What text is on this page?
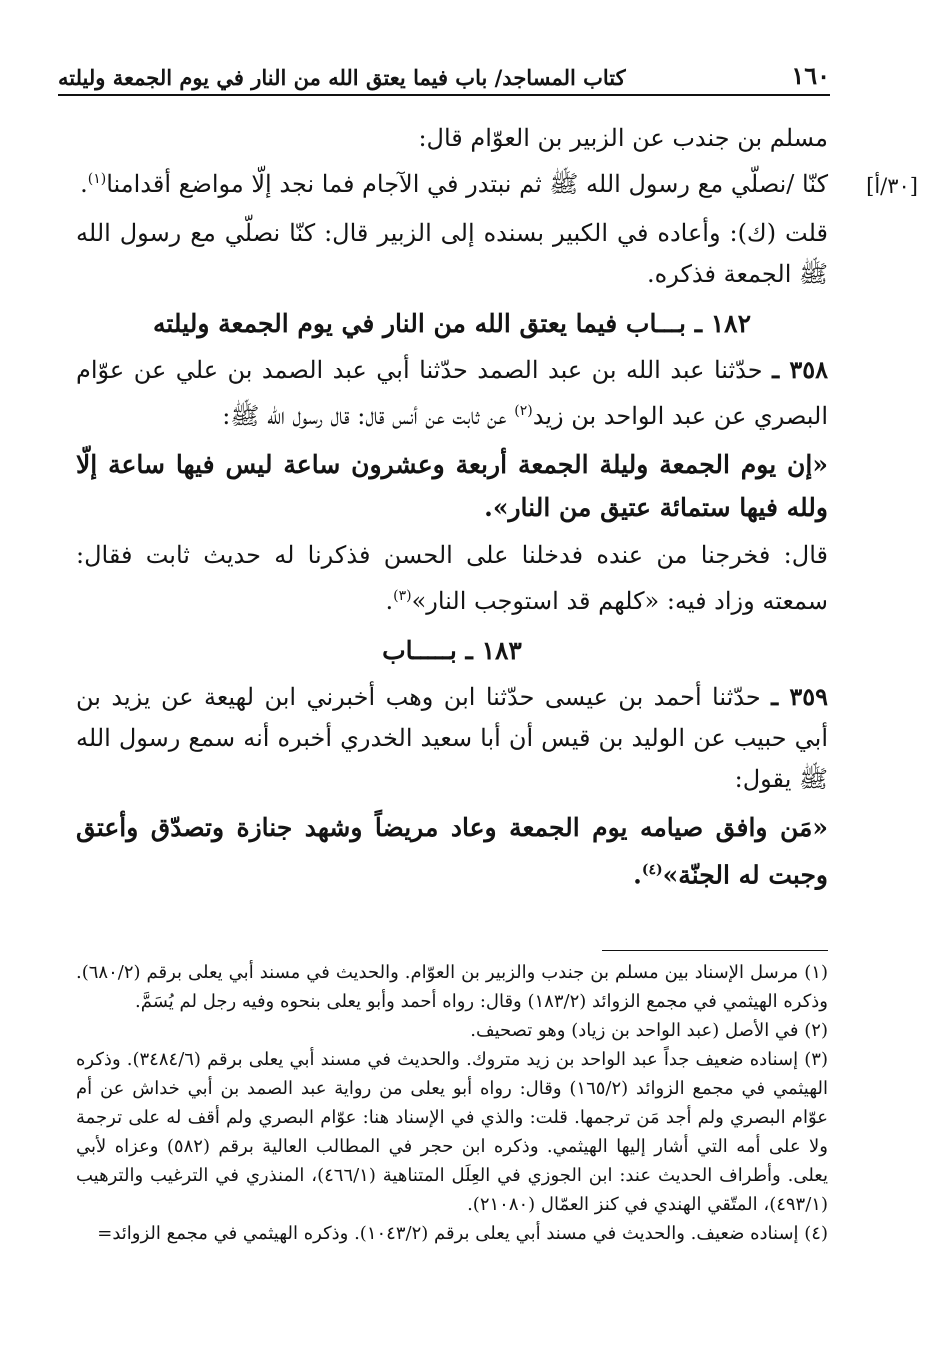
١٦٠
كتاب المساجد/ باب فيما يعتق الله من النار في يوم الجمعة وليلته
[٣٠/أ]

مسلم بن جندب عن الزبير بن العوّام قال:

كنّا /نصلّي مع رسول الله ﷺ ثم نبتدر في الآجام فما نجد إلّا مواضع أقدامنا$^{(١)}$.

قلت (ك): وأعاده في الكبير بسنده إلى الزبير قال: كنّا نصلّي مع رسول الله ﷺ الجمعة فذكره.

١٨٢ ـ بـــاب فيما يعتق الله من النار في يوم الجمعة وليلته

٣٥٨ ـ حدّثنا عبد الله بن عبد الصمد حدّثنا أبي عبد الصمد بن علي عن عوّام البصري عن عبد الواحد بن زيد$^{(٢)}$ عن ثابت عن أنس قال: قال رسول الله ﷺ:

«إن يوم الجمعة وليلة الجمعة أربعة وعشرون ساعة ليس فيها ساعة إلّا ولله فيها ستمائة عتيق من النار».

قال: فخرجنا من عنده فدخلنا على الحسن فذكرنا له حديث ثابت فقال: سمعته وزاد فيه: «كلهم قد استوجب النار»$^{(٣)}$.

١٨٣ ـ بـــــاب

٣٥٩ ـ حدّثنا أحمد بن عيسى حدّثنا ابن وهب أخبرني ابن لهيعة عن يزيد بن أبي حبيب عن الوليد بن قيس أن أبا سعيد الخدري أخبره أنه سمع رسول الله ﷺ يقول:

«مَن وافق صيامه يوم الجمعة وعاد مريضاً وشهد جنازة وتصدّق وأعتق وجبت له الجنّة»$^{(٤)}$.

(١) مرسل الإسناد بين مسلم بن جندب والزبير بن العوّام. والحديث في مسند أبي يعلى برقم (٦٨٠/٢). وذكره الهيثمي في مجمع الزوائد (١٨٣/٢) وقال: رواه أحمد وأبو يعلى بنحوه وفيه رجل لم يُسَمَّ.

(٢) في الأصل (عبد الواحد بن زياد) وهو تصحيف.

(٣) إسناده ضعيف جداً عبد الواحد بن زيد متروك. والحديث في مسند أبي يعلى برقم (٣٤٨٤/٦). وذكره الهيثمي في مجمع الزوائد (١٦٥/٢) وقال: رواه أبو يعلى من رواية عبد الصمد بن أبي خداش عن أم عوّام البصري ولم أجد مَن ترجمها. قلت: والذي في الإسناد هنا: عوّام البصري ولم أقف له على ترجمة ولا على أمه التي أشار إليها الهيثمي. وذكره ابن حجر في المطالب العالية برقم (٥٨٢) وعزاه لأبي يعلى. وأطراف الحديث عند: ابن الجوزي في العِلَل المتناهية (٤٦٦/١)، المنذري في الترغيب والترهيب (٤٩٣/١)، المتّقي الهندي في كنز العمّال (٢١٠٨٠).

(٤) إسناده ضعيف. والحديث في مسند أبي يعلى برقم (١٠٤٣/٢). وذكره الهيثمي في مجمع الزوائد=
